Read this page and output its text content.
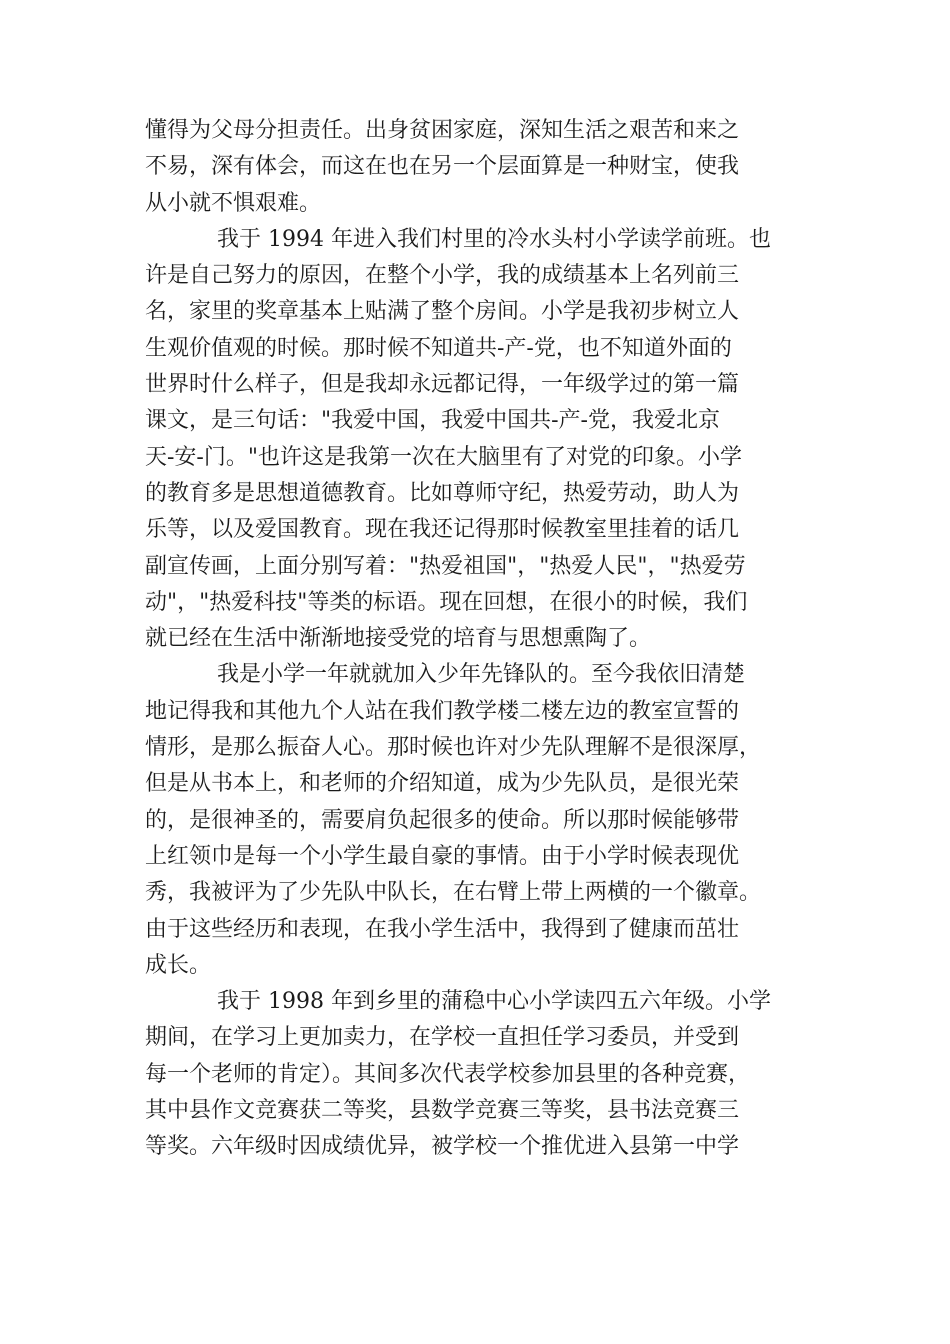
懂得为父母分担责任。出身贫困家庭，深知生活之艰苦和来之
不易，深有体会，而这在也在另一个层面算是一种财宝，使我
从小就不惧艰难。
我于 1994 年进入我们村里的冷水头村小学读学前班。也
许是自己努力的原因，在整个小学，我的成绩基本上名列前三
名，家里的奖章基本上贴满了整个房间。小学是我初步树立人
生观价值观的时候。那时候不知道共-产-党，也不知道外面的
世界时什么样子，但是我却永远都记得，一年级学过的第一篇
课文，是三句话："我爱中国，我爱中国共-产-党，我爱北京
天-安-门。"也许这是我第一次在大脑里有了对党的印象。小学
的教育多是思想道德教育。比如尊师守纪，热爱劳动，助人为
乐等，以及爱国教育。现在我还记得那时候教室里挂着的话几
副宣传画，上面分别写着："热爱祖国"，"热爱人民"，"热爱劳
动"，"热爱科技"等类的标语。现在回想，在很小的时候，我们
就已经在生活中渐渐地接受党的培育与思想熏陶了。
我是小学一年就就加入少年先锋队的。至今我依旧清楚
地记得我和其他九个人站在我们教学楼二楼左边的教室宣誓的
情形，是那么振奋人心。那时候也许对少先队理解不是很深厚，
但是从书本上，和老师的介绍知道，成为少先队员，是很光荣
的，是很神圣的，需要肩负起很多的使命。所以那时候能够带
上红领巾是每一个小学生最自豪的事情。由于小学时候表现优
秀，我被评为了少先队中队长，在右臂上带上两横的一个徽章。
由于这些经历和表现，在我小学生活中，我得到了健康而茁壮
成长。
我于 1998 年到乡里的蒲稳中心小学读四五六年级。小学
期间，在学习上更加卖力，在学校一直担任学习委员，并受到
每一个老师的肯定）。其间多次代表学校参加县里的各种竞赛，
其中县作文竞赛获二等奖，县数学竞赛三等奖，县书法竞赛三
等奖。六年级时因成绩优异，被学校一个推优进入县第一中学
